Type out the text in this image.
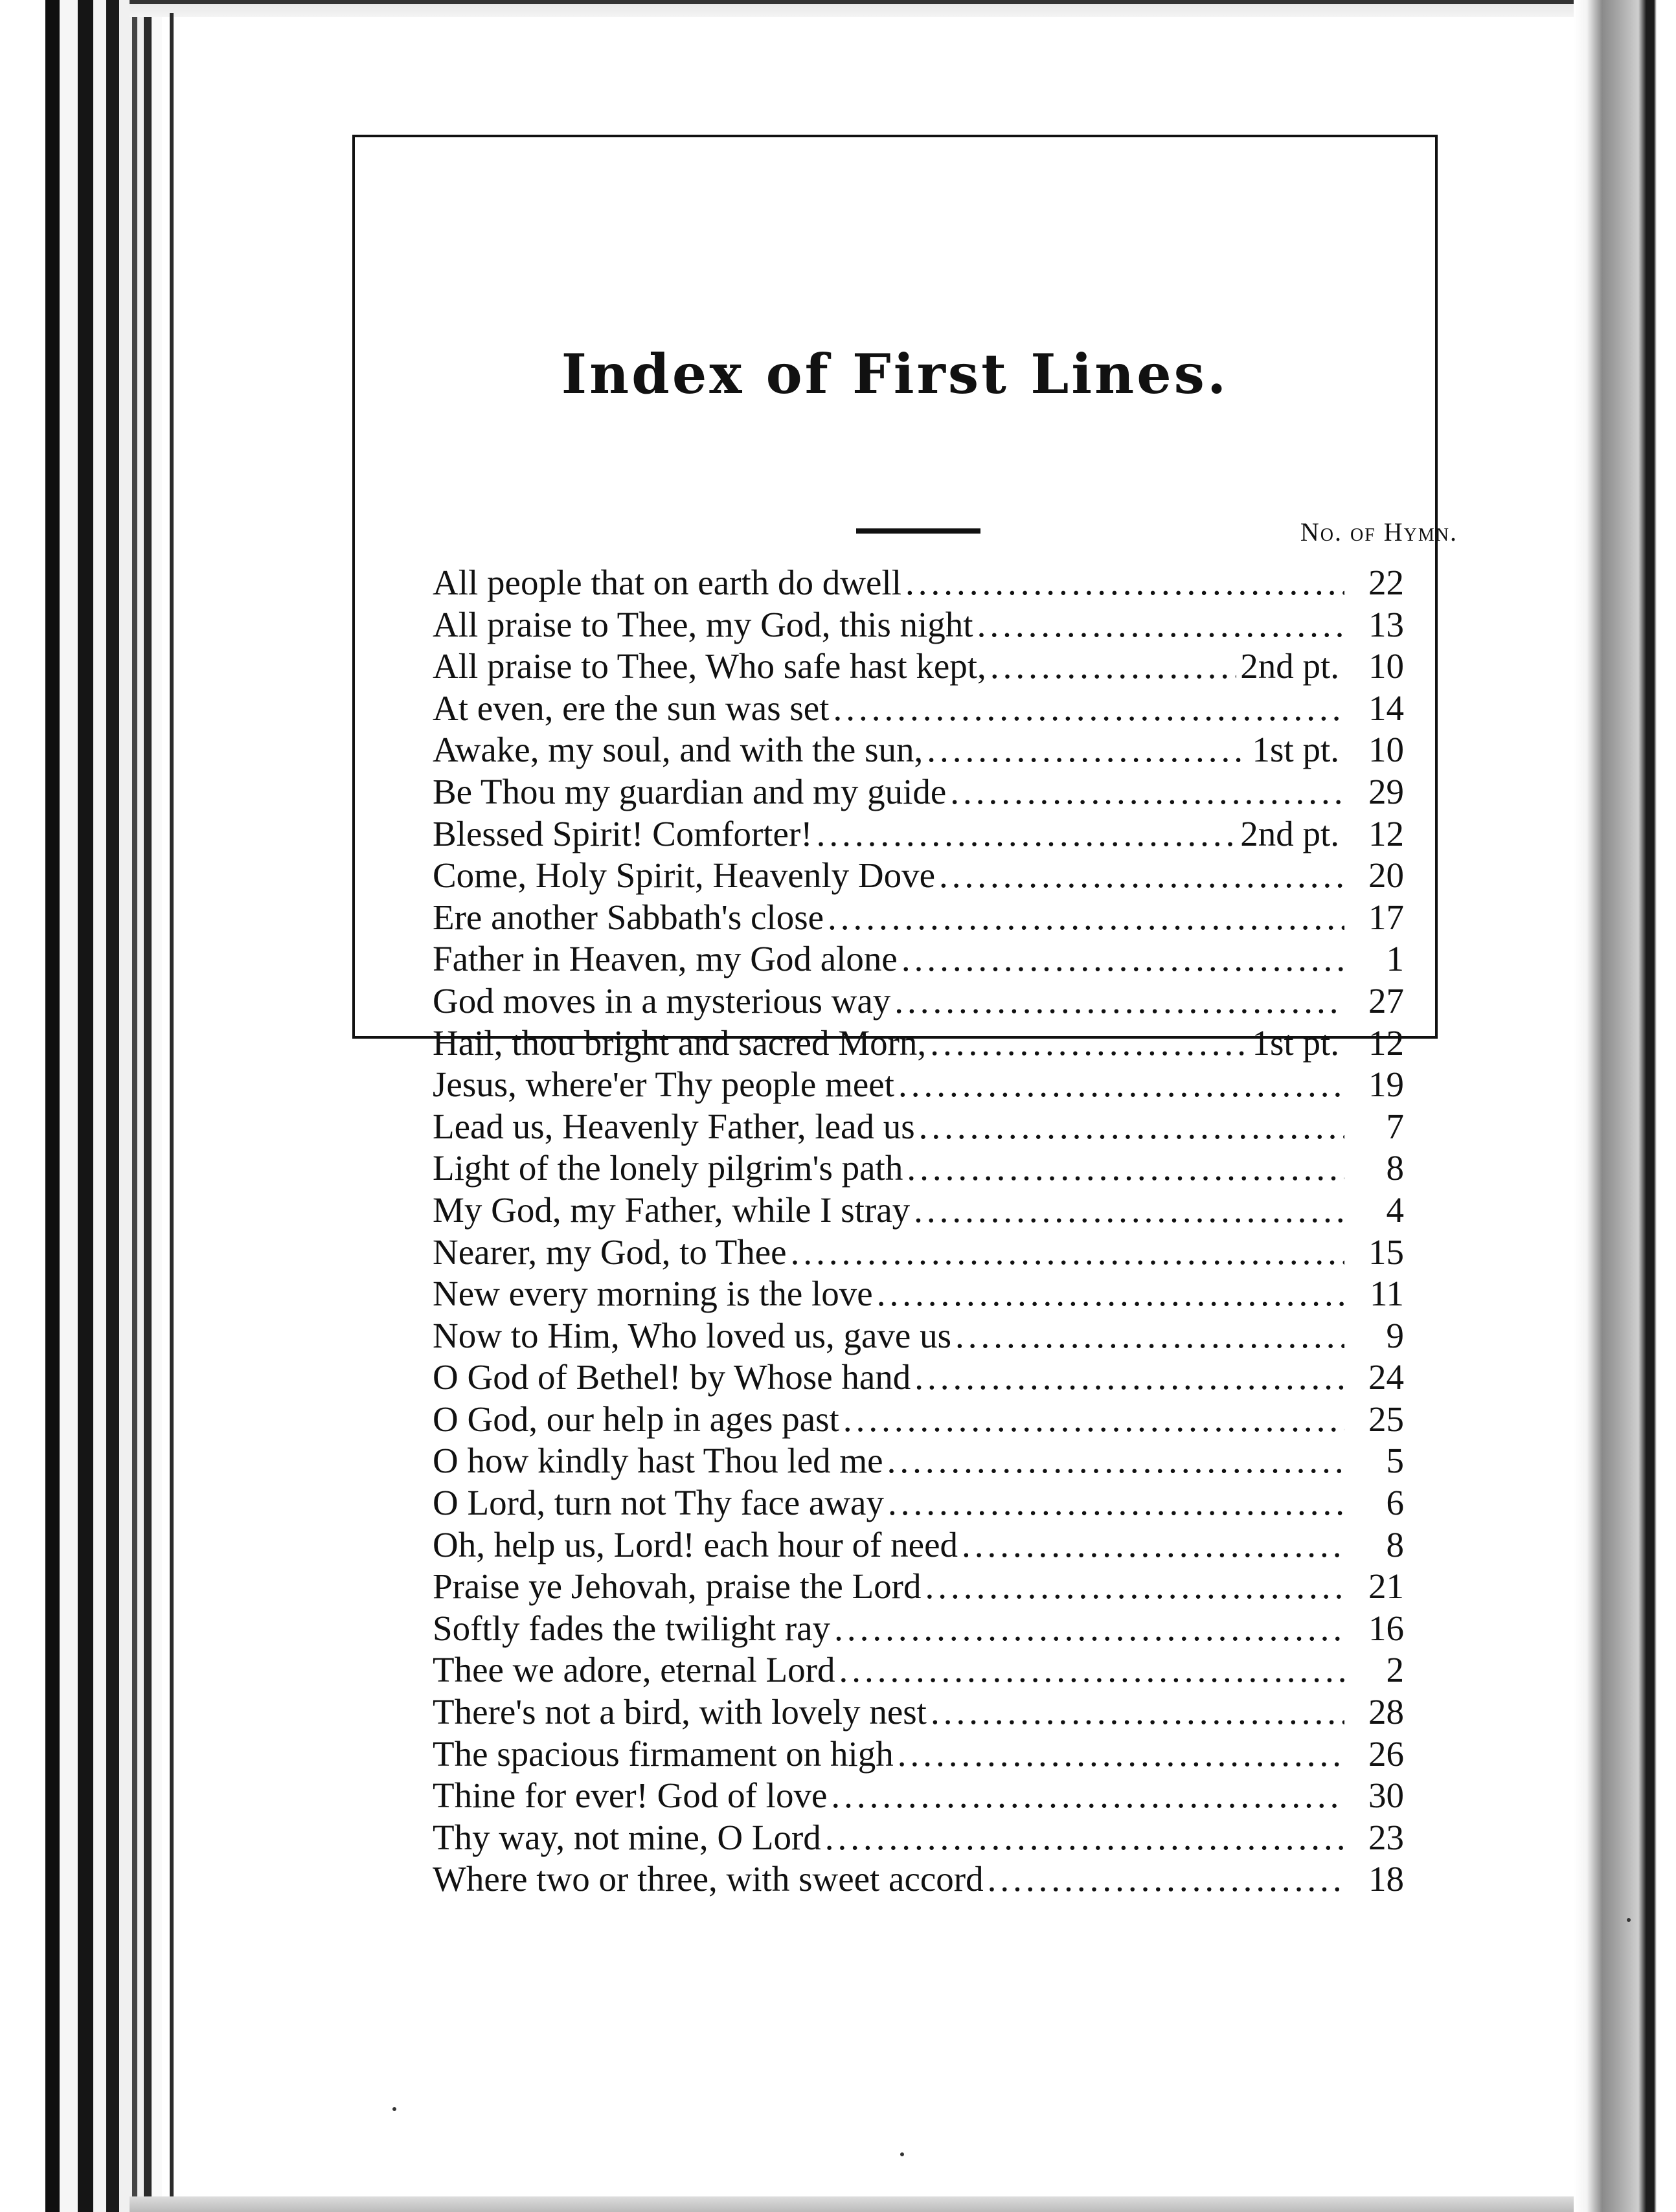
Index of First Lines.
No. of Hymn.
All people that on earth do dwell .....	22
All praise to Thee, my God, this night .....	13
All praise to Thee, Who safe hast kept, .....	2nd pt. 10
At even, ere the sun was set .....	14
Awake, my soul, and with the sun, .....	1st pt. 10
Be Thou my guardian and my guide .....	29
Blessed Spirit! Comforter! .....	2nd pt. 12
Come, Holy Spirit, Heavenly Dove .....	20
Ere another Sabbath's close .....	17
Father in Heaven, my God alone .....	1
God moves in a mysterious way .....	27
Hail, thou bright and sacred Morn, .....	1st pt. 12
Jesus, where'er Thy people meet .....	19
Lead us, Heavenly Father, lead us .....	7
Light of the lonely pilgrim's path .....	8
My God, my Father, while I stray .....	4
Nearer, my God, to Thee .....	15
New every morning is the love .....	11
Now to Him, Who loved us, gave us .....	9
O God of Bethel! by Whose hand .....	24
O God, our help in ages past .....	25
O how kindly hast Thou led me .....	5
O Lord, turn not Thy face away .....	6
Oh, help us, Lord! each hour of need .....	8
Praise ye Jehovah, praise the Lord .....	21
Softly fades the twilight ray .....	16
Thee we adore, eternal Lord .....	2
There's not a bird, with lovely nest .....	28
The spacious firmament on high .....	26
Thine for ever! God of love .....	30
Thy way, not mine, O Lord .....	23
Where two or three, with sweet accord .....	18
